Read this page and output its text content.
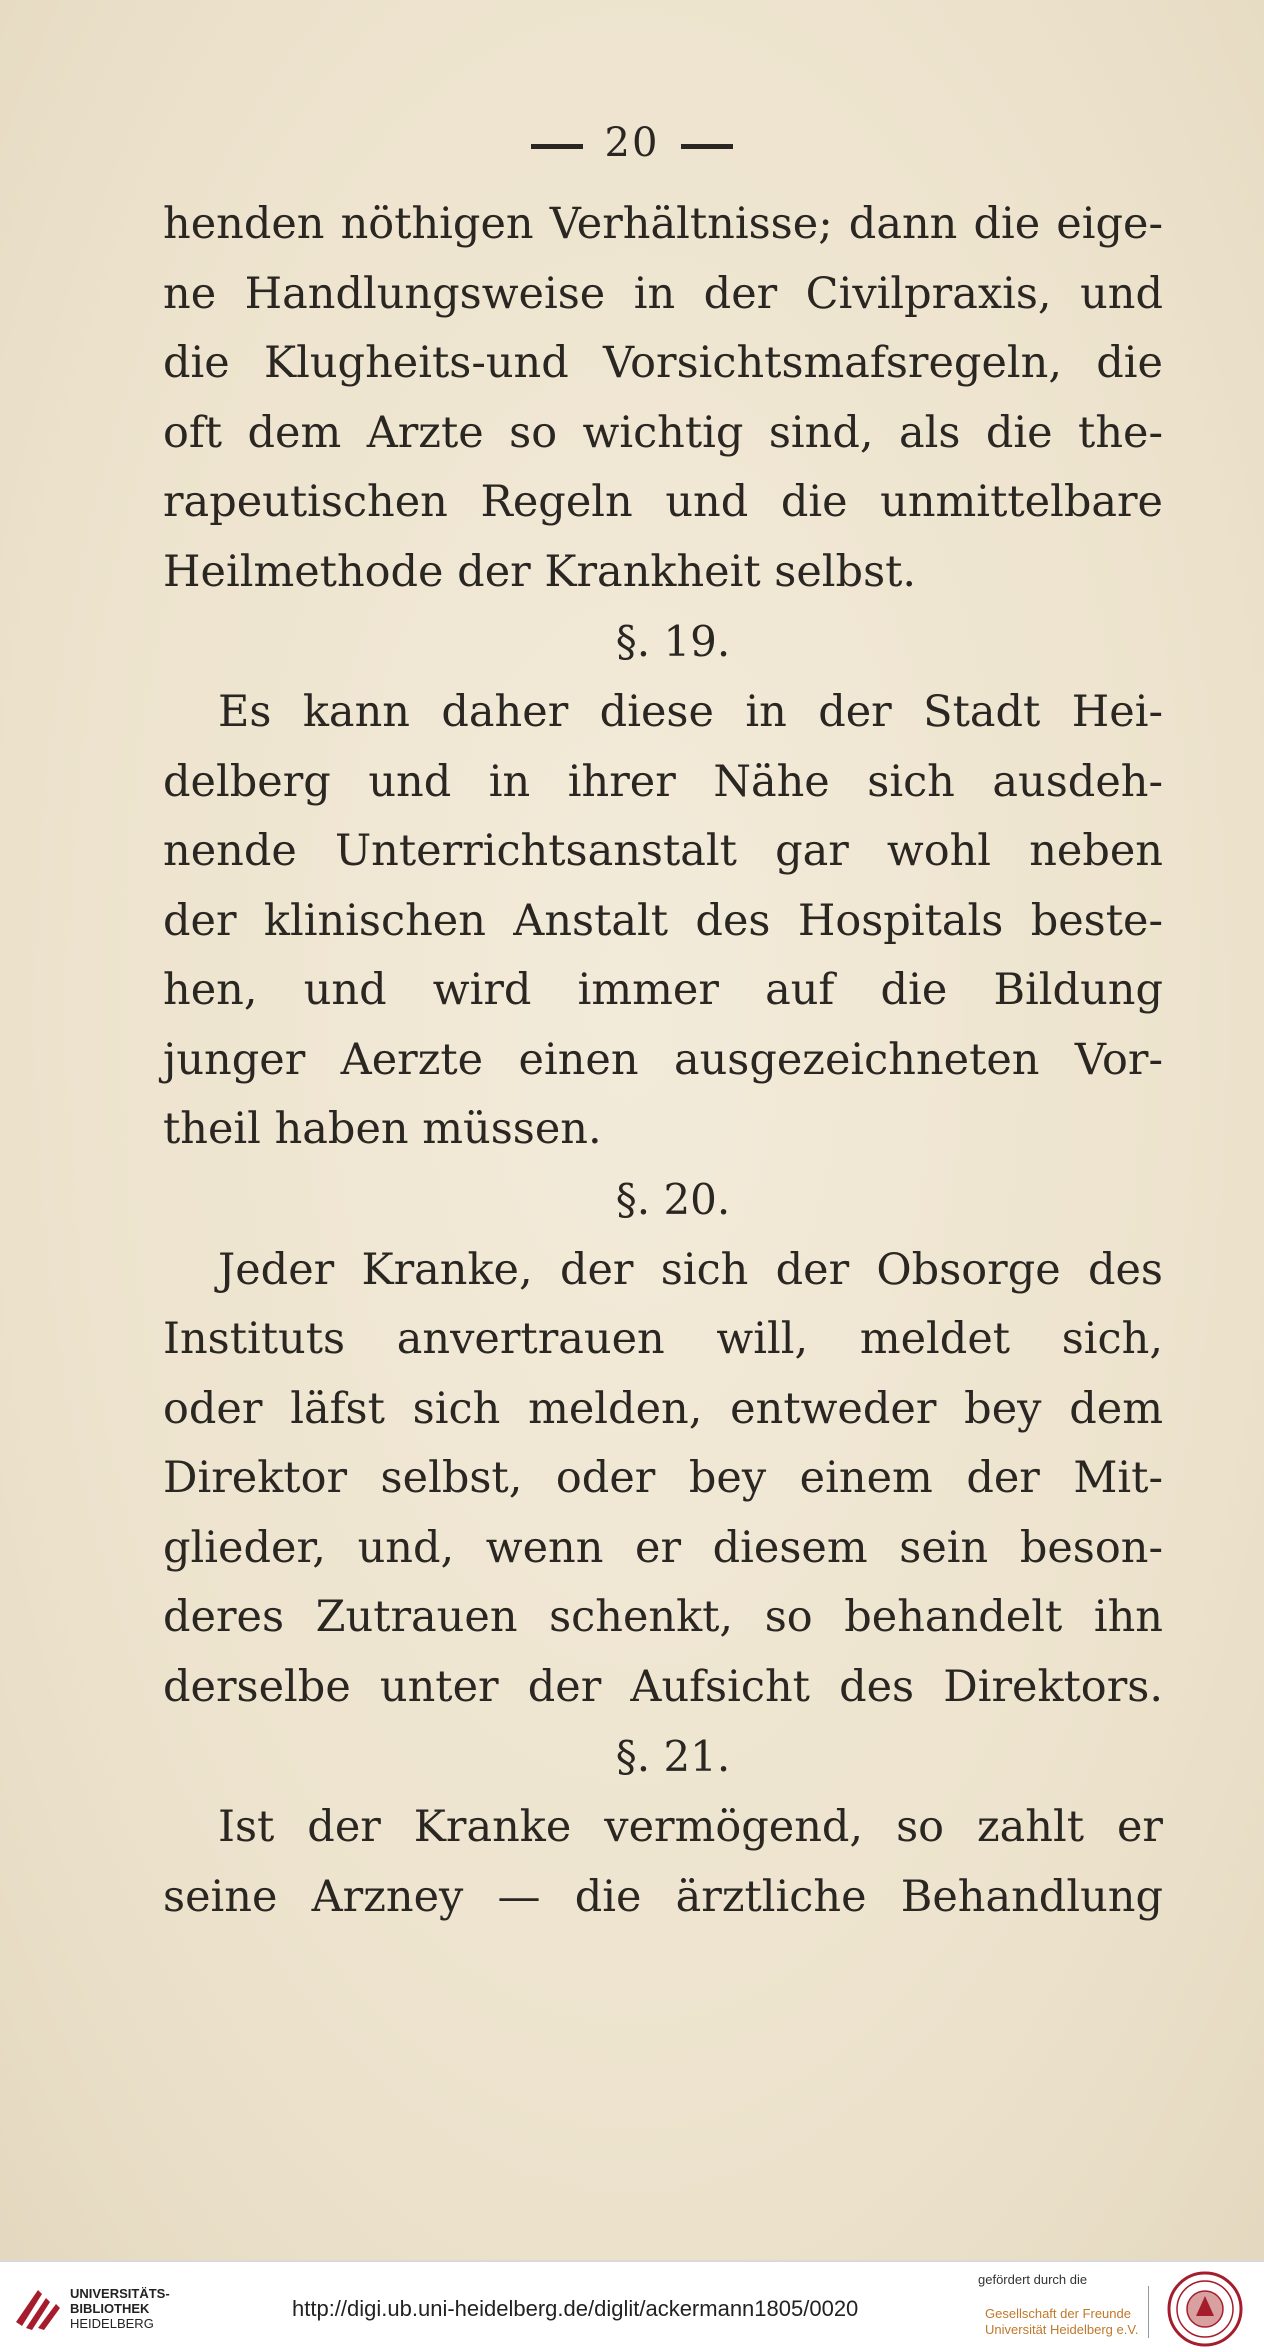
20
henden nöthigen Verhältnisse; dann die eige-
ne Handlungsweise in der Civilpraxis, und
die Klugheits-und Vorsichtsmafsregeln, die
oft dem Arzte so wichtig sind, als die the-
rapeutischen Regeln und die unmittelbare
Heilmethode der Krankheit selbst.
§. 19.
Es kann daher diese in der Stadt Hei-
delberg und in ihrer Nähe sich ausdeh-
nende Unterrichtsanstalt gar wohl neben
der klinischen Anstalt des Hospitals beste-
hen, und wird immer auf die Bildung
junger Aerzte einen ausgezeichneten Vor-
theil haben müssen.
§. 20.
Jeder Kranke, der sich der Obsorge des
Instituts anvertrauen will, meldet sich,
oder läfst sich melden, entweder bey dem
Direktor selbst, oder bey einem der Mit-
glieder, und, wenn er diesem sein beson-
deres Zutrauen schenkt, so behandelt ihn
derselbe unter der Aufsicht des Direktors.
§. 21.
Ist der Kranke vermögend, so zahlt er
seine Arzney — die ärztliche Behandlung
UNIVERSITÄTS-
BIBLIOTHEK
HEIDELBERG
http://digi.ub.uni-heidelberg.de/diglit/ackermann1805/0020
gefördert durch die
Gesellschaft der Freunde
Universität Heidelberg e.V.
